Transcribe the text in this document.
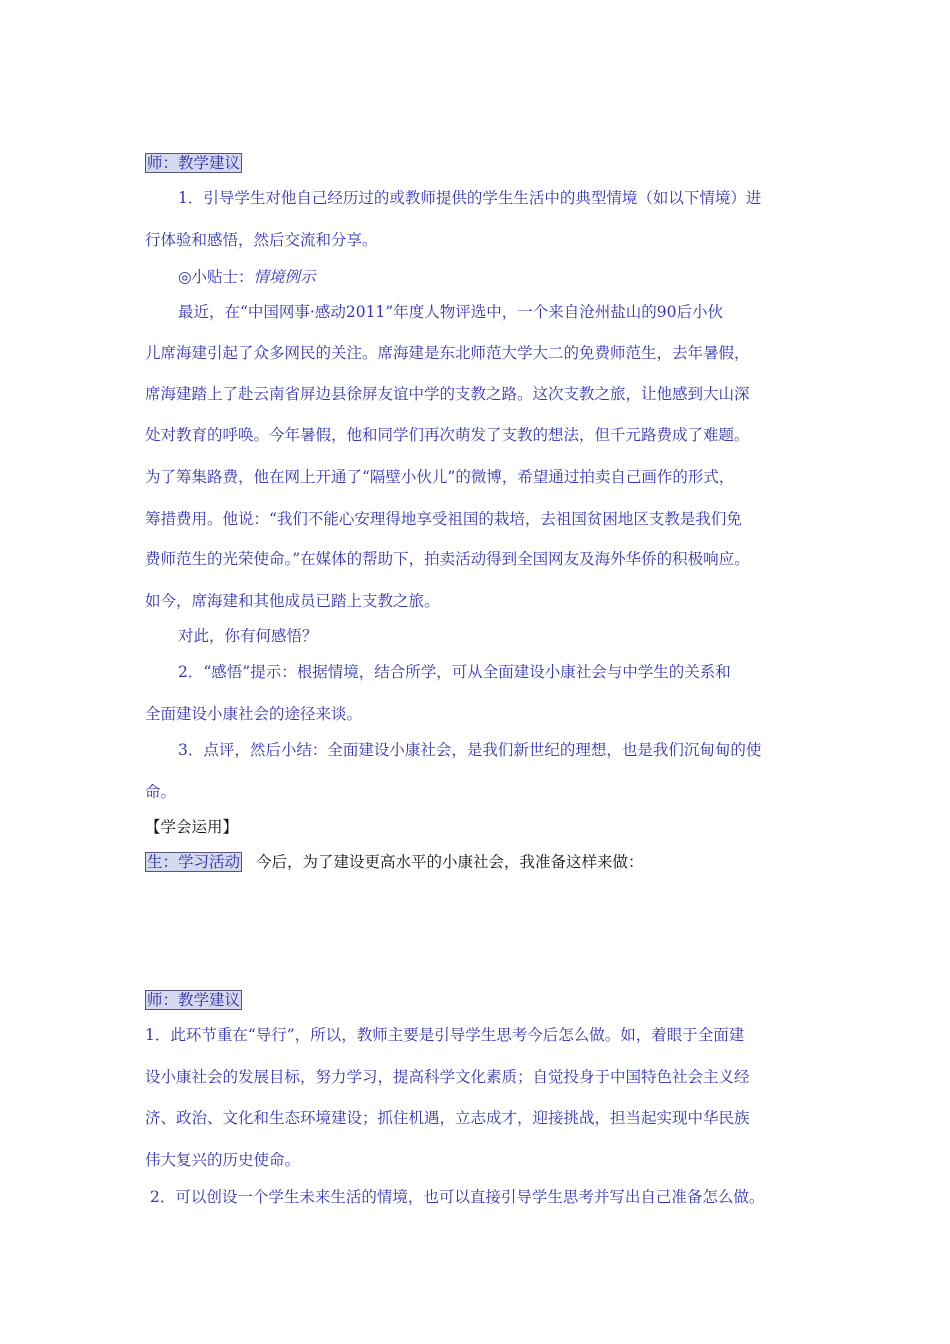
师：教学建议
1．引导学生对他自己经历过的或教师提供的学生生活中的典型情境（如以下情境）进
行体验和感悟，然后交流和分享。
◎小贴士：情境例示
最近，在“中国网事·感动2011”年度人物评选中，一个来自沧州盐山的90后小伙
儿席海建引起了众多网民的关注。席海建是东北师范大学大二的免费师范生，去年暑假，
席海建踏上了赴云南省屏边县徐屏友谊中学的支教之路。这次支教之旅，让他感到大山深
处对教育的呼唤。今年暑假，他和同学们再次萌发了支教的想法，但千元路费成了难题。
为了筹集路费，他在网上开通了“隔壁小伙儿”的微博，希望通过拍卖自己画作的形式，
筹措费用。他说：“我们不能心安理得地享受祖国的栽培，去祖国贫困地区支教是我们免
费师范生的光荣使命。”在媒体的帮助下，拍卖活动得到全国网友及海外华侨的积极响应。
如今，席海建和其他成员已踏上支教之旅。
对此，你有何感悟？
2．“感悟”提示：根据情境，结合所学，可从全面建设小康社会与中学生的关系和
全面建设小康社会的途径来谈。
3．点评，然后小结：全面建设小康社会，是我们新世纪的理想，也是我们沉甸甸的使
命。
【学会运用】
生：学习活动 今后，为了建设更高水平的小康社会，我准备这样来做：
师：教学建议
1．此环节重在“导行”，所以，教师主要是引导学生思考今后怎么做。如，着眼于全面建
设小康社会的发展目标，努力学习，提高科学文化素质；自觉投身于中国特色社会主义经
济、政治、文化和生态环境建设；抓住机遇，立志成才，迎接挑战，担当起实现中华民族
伟大复兴的历史使命。
2．可以创设一个学生未来生活的情境，也可以直接引导学生思考并写出自己准备怎么做。
